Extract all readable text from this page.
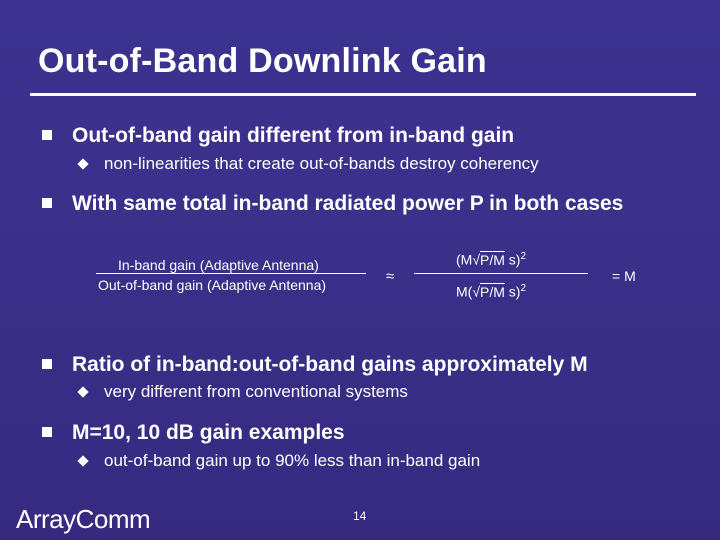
Out-of-Band Downlink Gain
Out-of-band gain different from in-band gain
non-linearities that create out-of-bands destroy coherency
With same total in-band radiated power P in both cases
In-band gain (Adaptive Antenna)
Out-of-band gain (Adaptive Antenna)	≈
(M√P/M s)$^2$
M(√P/M s)$^2$
= M
Ratio of in-band:out-of-band gains approximately M
very different from conventional systems
M=10, 10 dB gain examples
out-of-band gain up to 90% less than in-band gain
ArrayComm	14
